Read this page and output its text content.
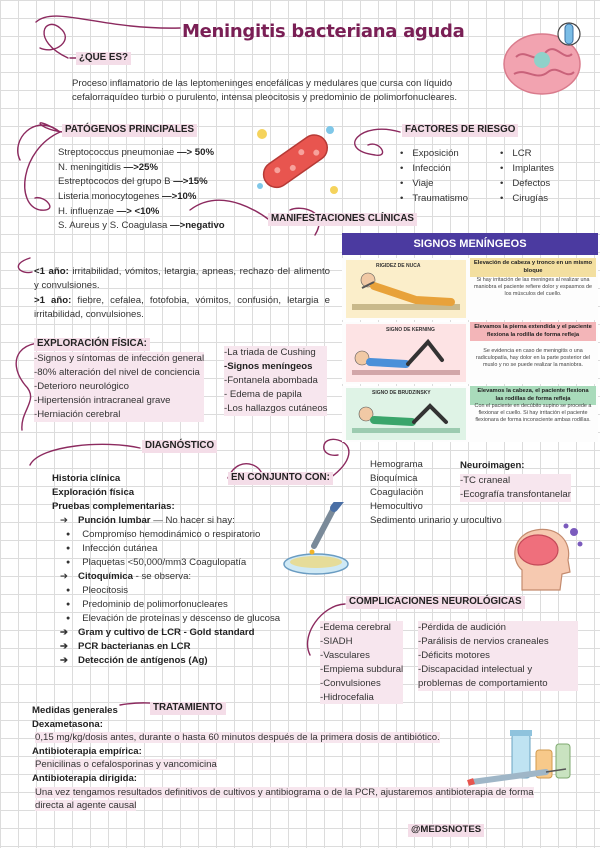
Meningitis bacteriana aguda
¿QUE ES?
Proceso inflamatorio de las leptomeninges encefálicas y medulares que cursa con líquido cefalorraquídeo turbio o purulento, intensa pleocitosis y predominio de polimorfonucleares.
PATÓGENOS PRINCIPALES
Streptococcus pneumoniae —> 50%
N. meningitidis —>25%
Estreptococos del grupo B —>15%
Listeria monocytogenes —>10%
H. influenzae —> <10%
S. Aureus y S. Coagulasa —>negativo
FACTORES DE RIESGO
• Exposición
• Infección
• Viaje
• Traumatismo
• LCR
• Implantes
• Defectos
• Cirugías
MANIFESTACIONES CLÍNICAS
<1 año: irritabilidad, vómitos, letargia, apneas, rechazo del alimento y convulsiones.
>1 año: fiebre, cefalea, fotofobia, vómitos, confusión, letargia e irritabilidad, convulsiones.
SIGNOS MENÍNGEOS
RIGIDEZ DE NUCA	Elevación de cabeza y tronco en un mismo bloque
Si hay irritación de las meninges al realizar una maniobra el paciente refiere dolor y espasmos de los músculos del cuello.
SIGNO DE KERNING	Elevamos la pierna extendida y el paciente flexiona la rodilla de forma refleja
Se evidencia en caso de meningitis o una radiculopatía, hay dolor en la parte posterior del muslo y no se puede realizar la maniobra.
SIGNO DE BRUDZINSKY	Elevamos la cabeza, el paciente flexiona las rodillas de forma refleja
Con el paciente en decúbito supino se procede a flexionar el cuello. Si hay irritación el paciente flexionara de forma inconsciente ambas rodillas.
EXPLORACIÓN FÍSICA:
-Signos y síntomas de infección general
-80% alteración del nivel de conciencia
-Deterioro neurológico
-Hipertensión intracraneal grave
-Herniación cerebral
-La triada de Cushing
-Signos meníngeos
-Fontanela abombada
- Edema de papila
-Los hallazgos cutáneos
DIAGNÓSTICO
Historia clínica
Exploración física
Pruebas complementarias:
➔ Punción lumbar — No hacer si hay:
● Compromiso hemodinámico o respiratorio
● Infección cutánea
● Plaquetas <50,000/mm3 Coagulopatía
➔ Citoquímica - se observa:
● Pleocitosis
● Predominio de polimorfonucleares
● Elevación de proteínas y descenso de glucosa
➔ Gram y cultivo de LCR - Gold standard
➔ PCR bacterianas en LCR
➔ Detección de antígenos (Ag)
EN CONJUNTO CON:
Hemograma
Bioquímica
Coagulación
Hemocultivo
Sedimento urinario y urocultivo
Neuroimagen:
-TC craneal
-Ecografía transfontanelar
COMPLICACIONES NEUROLÓGICAS
-Edema cerebral
-SIADH
-Vasculares
-Empiema subdural
-Convulsiones
-Hidrocefalia
-Pérdida de audición
-Parálisis de nervios craneales
-Déficits motores
-Discapacidad intelectual y problemas de comportamiento
TRATAMIENTO
Medidas generales
Dexametasona:
0,15 mg/kg/dosis antes, durante o hasta 60 minutos después de la primera dosis de antibiótico.
Antibioterapia empírica:
Penicilinas o cefalosporinas y vancomicina
Antibioterapia dirigida:
Una vez tengamos resultados definitivos de cultivos y antibiograma o de la PCR, ajustaremos antibioterapia de forma directa al agente causal
@MEDSNOTES
